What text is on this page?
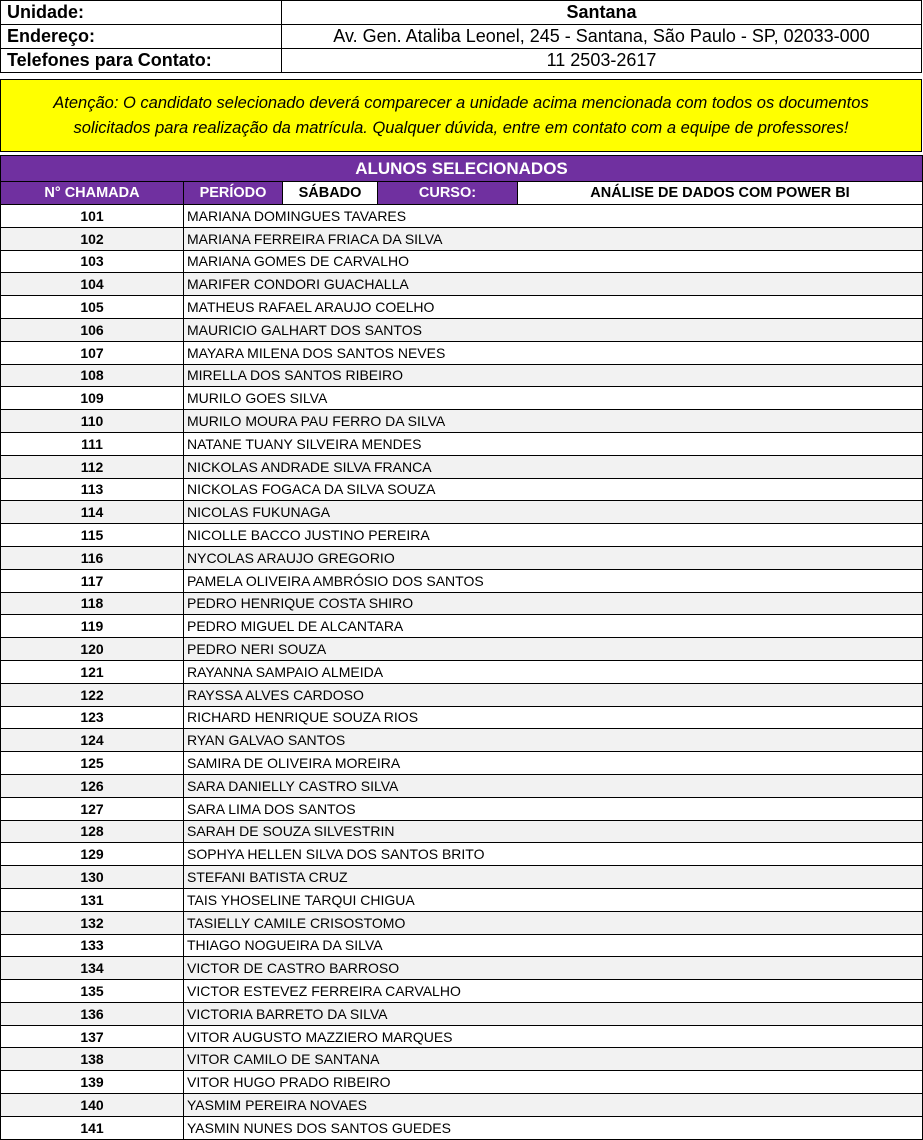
Unidade:	Santana
Endereço:	Av. Gen. Ataliba Leonel, 245 - Santana, São Paulo - SP, 02033-000
Telefones para Contato:	11 2503-2617
Atenção: O candidato selecionado deverá comparecer a unidade acima mencionada com todos os documentos
solicitados para realização da matrícula. Qualquer dúvida, entre em contato com a equipe de professores!
ALUNOS SELECIONADOS				
N° CHAMADA	PERÍODO	SÁBADO	CURSO:	ANÁLISE DE DADOS COM POWER BI
101	MARIANA DOMINGUES TAVARES			
102	MARIANA FERREIRA FRIACA DA SILVA			
103	MARIANA GOMES DE CARVALHO			
104	MARIFER CONDORI GUACHALLA			
105	MATHEUS RAFAEL ARAUJO COELHO			
106	MAURICIO GALHART DOS SANTOS			
107	MAYARA MILENA DOS SANTOS NEVES			
108	MIRELLA DOS SANTOS RIBEIRO			
109	MURILO GOES SILVA			
110	MURILO MOURA PAU FERRO DA SILVA			
111	NATANE TUANY SILVEIRA MENDES			
112	NICKOLAS ANDRADE SILVA FRANCA			
113	NICKOLAS FOGACA DA SILVA SOUZA			
114	NICOLAS FUKUNAGA			
115	NICOLLE BACCO JUSTINO PEREIRA			
116	NYCOLAS ARAUJO GREGORIO			
117	PAMELA OLIVEIRA AMBRÓSIO DOS SANTOS			
118	PEDRO HENRIQUE COSTA SHIRO			
119	PEDRO MIGUEL DE ALCANTARA			
120	PEDRO NERI SOUZA			
121	RAYANNA SAMPAIO ALMEIDA			
122	RAYSSA ALVES CARDOSO			
123	RICHARD HENRIQUE SOUZA RIOS			
124	RYAN GALVAO SANTOS			
125	SAMIRA DE OLIVEIRA MOREIRA			
126	SARA DANIELLY CASTRO SILVA			
127	SARA LIMA DOS SANTOS			
128	SARAH DE SOUZA SILVESTRIN			
129	SOPHYA HELLEN SILVA DOS SANTOS BRITO			
130	STEFANI BATISTA CRUZ			
131	TAIS YHOSELINE TARQUI CHIGUA			
132	TASIELLY CAMILE CRISOSTOMO			
133	THIAGO NOGUEIRA DA SILVA			
134	VICTOR DE CASTRO BARROSO			
135	VICTOR ESTEVEZ FERREIRA CARVALHO			
136	VICTORIA BARRETO DA SILVA			
137	VITOR AUGUSTO MAZZIERO MARQUES			
138	VITOR CAMILO DE SANTANA			
139	VITOR HUGO PRADO RIBEIRO			
140	YASMIM PEREIRA NOVAES			
141	YASMIN NUNES DOS SANTOS GUEDES			
